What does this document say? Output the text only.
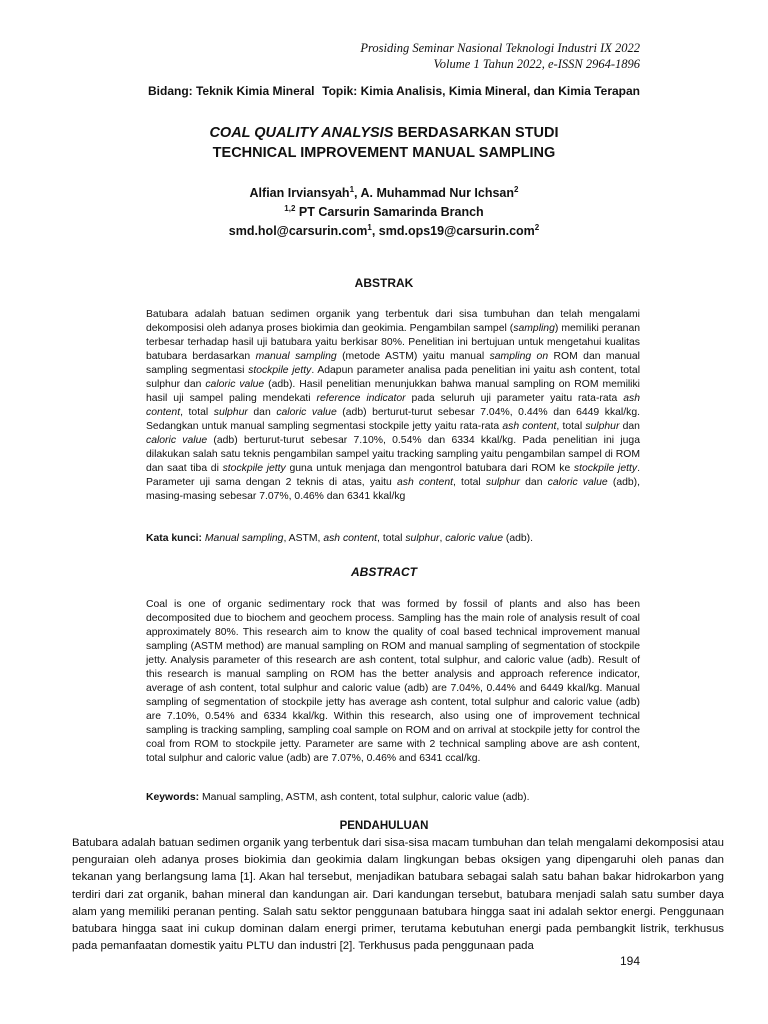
Prosiding Seminar Nasional Teknologi Industri IX 2022
Volume 1 Tahun 2022, e-ISSN 2964-1896
Bidang: Teknik Kimia Mineral Topik: Kimia Analisis, Kimia Mineral, dan Kimia Terapan
COAL QUALITY ANALYSIS BERDASARKAN STUDI
TECHNICAL IMPROVEMENT MANUAL SAMPLING
Alfian Irviansyah$^1$, A. Muhammad Nur Ichsan$^2$
$^{1,2}$ PT Carsurin Samarinda Branch
smd.hol@carsurin.com$^1$, smd.ops19@carsurin.com$^2$
ABSTRAK

Batubara adalah batuan sedimen organik yang terbentuk dari sisa tumbuhan dan telah mengalami dekomposisi oleh adanya proses biokimia dan geokimia. Pengambilan sampel (sampling) memiliki peranan terbesar terhadap hasil uji batubara yaitu berkisar 80%. Penelitian ini bertujuan untuk mengetahui kualitas batubara berdasarkan manual sampling (metode ASTM) yaitu manual sampling on ROM dan manual sampling segmentasi stockpile jetty. Adapun parameter analisa pada penelitian ini yaitu ash content, total sulphur dan caloric value (adb). Hasil penelitian menunjukkan bahwa manual sampling on ROM memiliki hasil uji sampel paling mendekati reference indicator pada seluruh uji parameter yaitu rata-rata ash content, total sulphur dan caloric value (adb) berturut-turut sebesar 7.04%, 0.44% dan 6449 kkal/kg. Sedangkan untuk manual sampling segmentasi stockpile jetty yaitu rata-rata ash content, total sulphur dan caloric value (adb) berturut-turut sebesar 7.10%, 0.54% dan 6334 kkal/kg. Pada penelitian ini juga dilakukan salah satu teknis pengambilan sampel yaitu tracking sampling yaitu pengambilan sampel di ROM dan saat tiba di stockpile jetty guna untuk menjaga dan mengontrol batubara dari ROM ke stockpile jetty. Parameter uji sama dengan 2 teknis di atas, yaitu ash content, total sulphur dan caloric value (adb), masing-masing sebesar 7.07%, 0.46% dan 6341 kkal/kg

Kata kunci: Manual sampling, ASTM, ash content, total sulphur, caloric value (adb).
ABSTRACT

Coal is one of organic sedimentary rock that was formed by fossil of plants and also has been decomposited due to biochem and geochem process. Sampling has the main role of analysis result of coal approximately 80%. This research aim to know the quality of coal based technical improvement manual sampling (ASTM method) are manual sampling on ROM and manual sampling of segmentation of stockpile jetty. Analysis parameter of this research are ash content, total sulphur, and caloric value (adb). Result of this research is manual sampling on ROM has the better analysis and approach reference indicator, average of ash content, total sulphur and caloric value (adb) are 7.04%, 0.44% and 6449 kkal/kg. Manual sampling of segmentation of stockpile jetty has average ash content, total sulphur and caloric value (adb) are 7.10%, 0.54% and 6334 kkal/kg. Within this research, also using one of improvement technical sampling is tracking sampling, sampling coal sample on ROM and on arrival at stockpile jetty for control the coal from ROM to stockpile jetty. Parameter are same with 2 technical sampling above are ash content, total sulphur and caloric value (adb) are 7.07%, 0.46% and 6341 ccal/kg.

Keywords: Manual sampling, ASTM, ash content, total sulphur, caloric value (adb).
PENDAHULUAN
Batubara adalah batuan sedimen organik yang terbentuk dari sisa-sisa macam tumbuhan dan telah mengalami dekomposisi atau penguraian oleh adanya proses biokimia dan geokimia dalam lingkungan bebas oksigen yang dipengaruhi oleh panas dan tekanan yang berlangsung lama [1]. Akan hal tersebut, menjadikan batubara sebagai salah satu bahan bakar hidrokarbon yang terdiri dari zat organik, bahan mineral dan kandungan air. Dari kandungan tersebut, batubara menjadi salah satu sumber daya alam yang memiliki peranan penting. Salah satu sektor penggunaan batubara hingga saat ini adalah sektor energi. Penggunaan batubara hingga saat ini cukup dominan dalam energi primer, terutama kebutuhan energi pada pembangkit listrik, terkhusus pada pemanfaatan domestik yaitu PLTU dan industri [2]. Terkhusus pada penggunaan pada
194
